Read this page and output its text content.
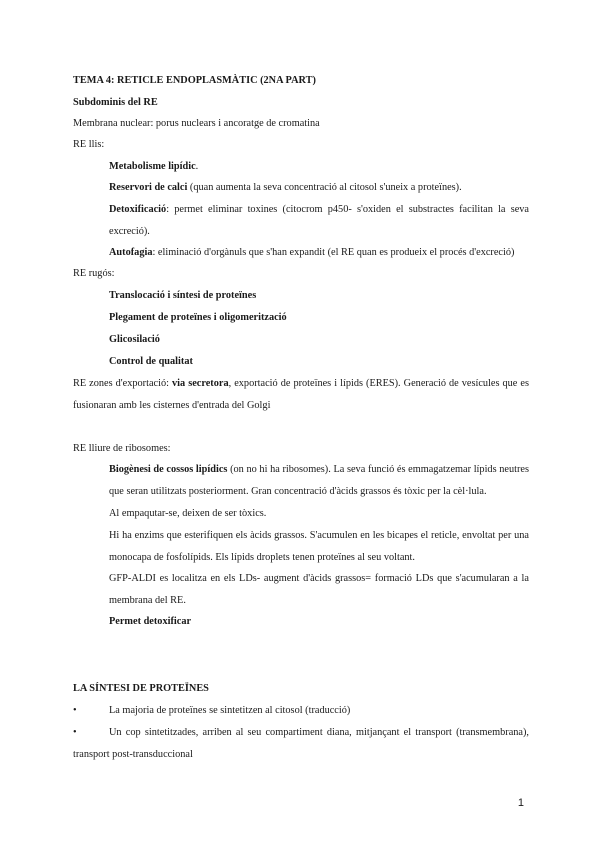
TEMA 4: RETICLE ENDOPLASMÀTIC (2NA PART)
Subdominis del RE
Membrana nuclear: porus nuclears i ancoratge de cromatina
RE llis:
Metabolisme lipídic.
Reservori de calci (quan aumenta la seva concentració al citosol s'uneix a proteïnes).
Detoxificació: permet eliminar toxines (citocrom p450- s'oxiden el substractes facilitan la seva excreció).
Autofagia: eliminació d'orgànuls que s'han expandit (el RE quan es produeix el procés d'excreció)
RE rugós:
Translocació i síntesi de proteïnes
Plegament de proteïnes i oligomerització
Glicosilació
Control de qualitat
RE zones d'exportació: via secretora, exportació de proteïnes i lípids (ERES). Generació de vesícules que es fusionaran amb les cisternes d'entrada del Golgi
RE lliure de ribosomes:
Biogènesi de cossos lipídics (on no hi ha ribosomes). La seva funció és emmagatzemar lípids neutres que seran utilitzats posteriorment. Gran concentració d'àcids grassos és tòxic per la cèl·lula.
Al empaqutar-se, deixen de ser tòxics.
Hi ha enzims que esterifiquen els àcids grassos. S'acumulen en les bicapes el reticle, envoltat per una monocapa de fosfolípids. Els lípids droplets tenen proteïnes al seu voltant.
GFP-ALDI es localitza en els LDs- augment d'àcids grassos= formació LDs que s'acumularan a la membrana del RE.
Permet detoxificar
LA SÍNTESI DE PROTEÏNES
•	La majoria de proteïnes se sintetitzen al citosol (traducció)
•	Un cop sintetitzades, arriben al seu compartiment diana, mitjançant el transport (transmembrana), transport post-transduccional
1
